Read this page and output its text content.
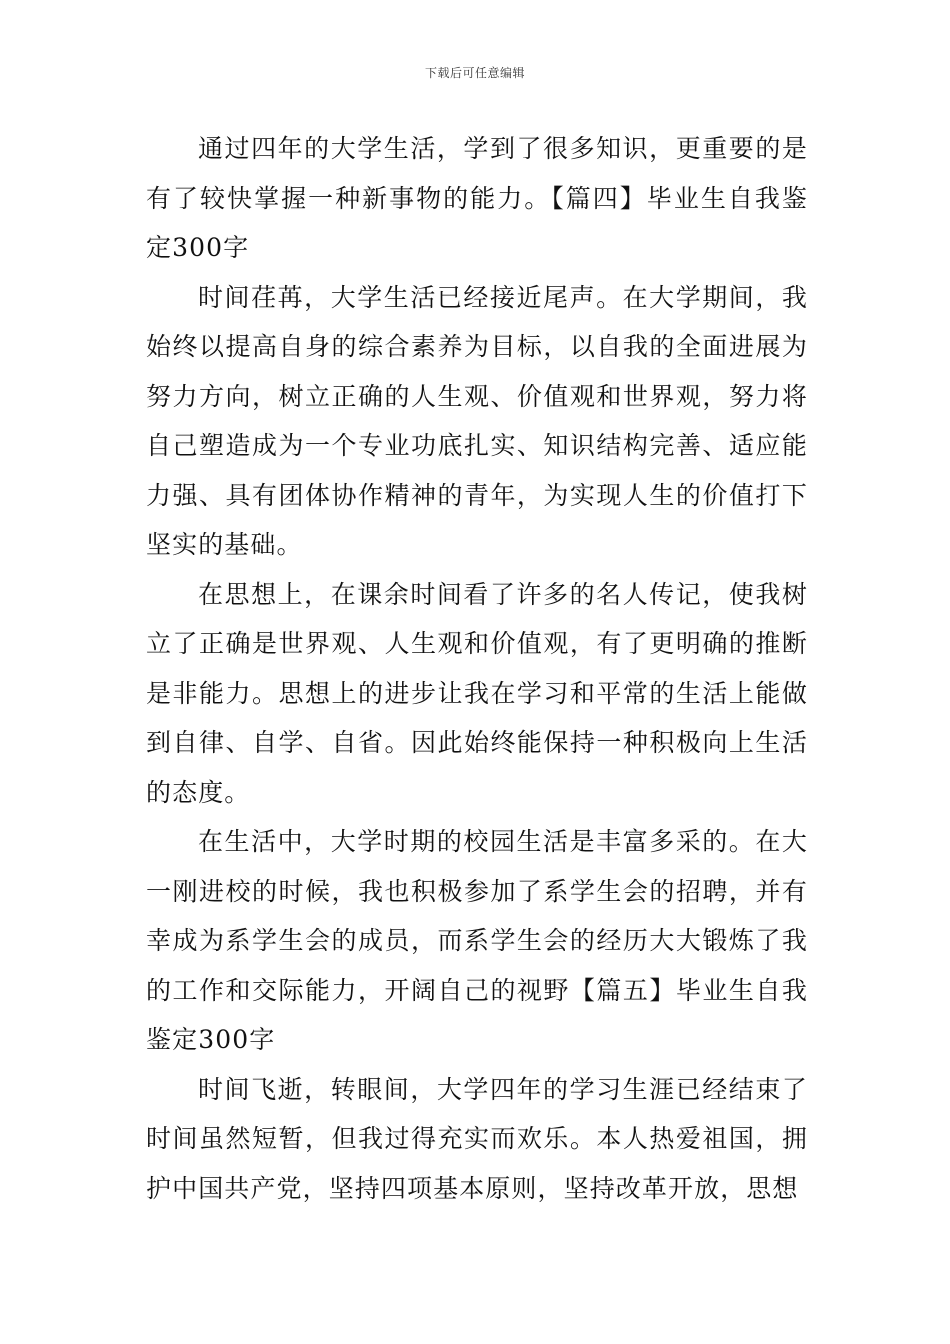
下载后可任意编辑

通过四年的大学生活，学到了很多知识，更重要的是有了较快掌握一种新事物的能力。【篇四】毕业生自我鉴定300字

时间荏苒，大学生活已经接近尾声。在大学期间，我始终以提高自身的综合素养为目标，以自我的全面进展为努力方向，树立正确的人生观、价值观和世界观，努力将自己塑造成为一个专业功底扎实、知识结构完善、适应能力强、具有团体协作精神的青年，为实现人生的价值打下坚实的基础。

在思想上，在课余时间看了许多的名人传记，使我树立了正确是世界观、人生观和价值观，有了更明确的推断是非能力。思想上的进步让我在学习和平常的生活上能做到自律、自学、自省。因此始终能保持一种积极向上生活的态度。

在生活中，大学时期的校园生活是丰富多采的。在大一刚进校的时候，我也积极参加了系学生会的招聘，并有幸成为系学生会的成员，而系学生会的经历大大锻炼了我的工作和交际能力，开阔自己的视野【篇五】毕业生自我鉴定300字

时间飞逝，转眼间，大学四年的学习生涯已经结束了时间虽然短暂，但我过得充实而欢乐。本人热爱祖国，拥护中国共产党，坚持四项基本原则，坚持改革开放，思想
